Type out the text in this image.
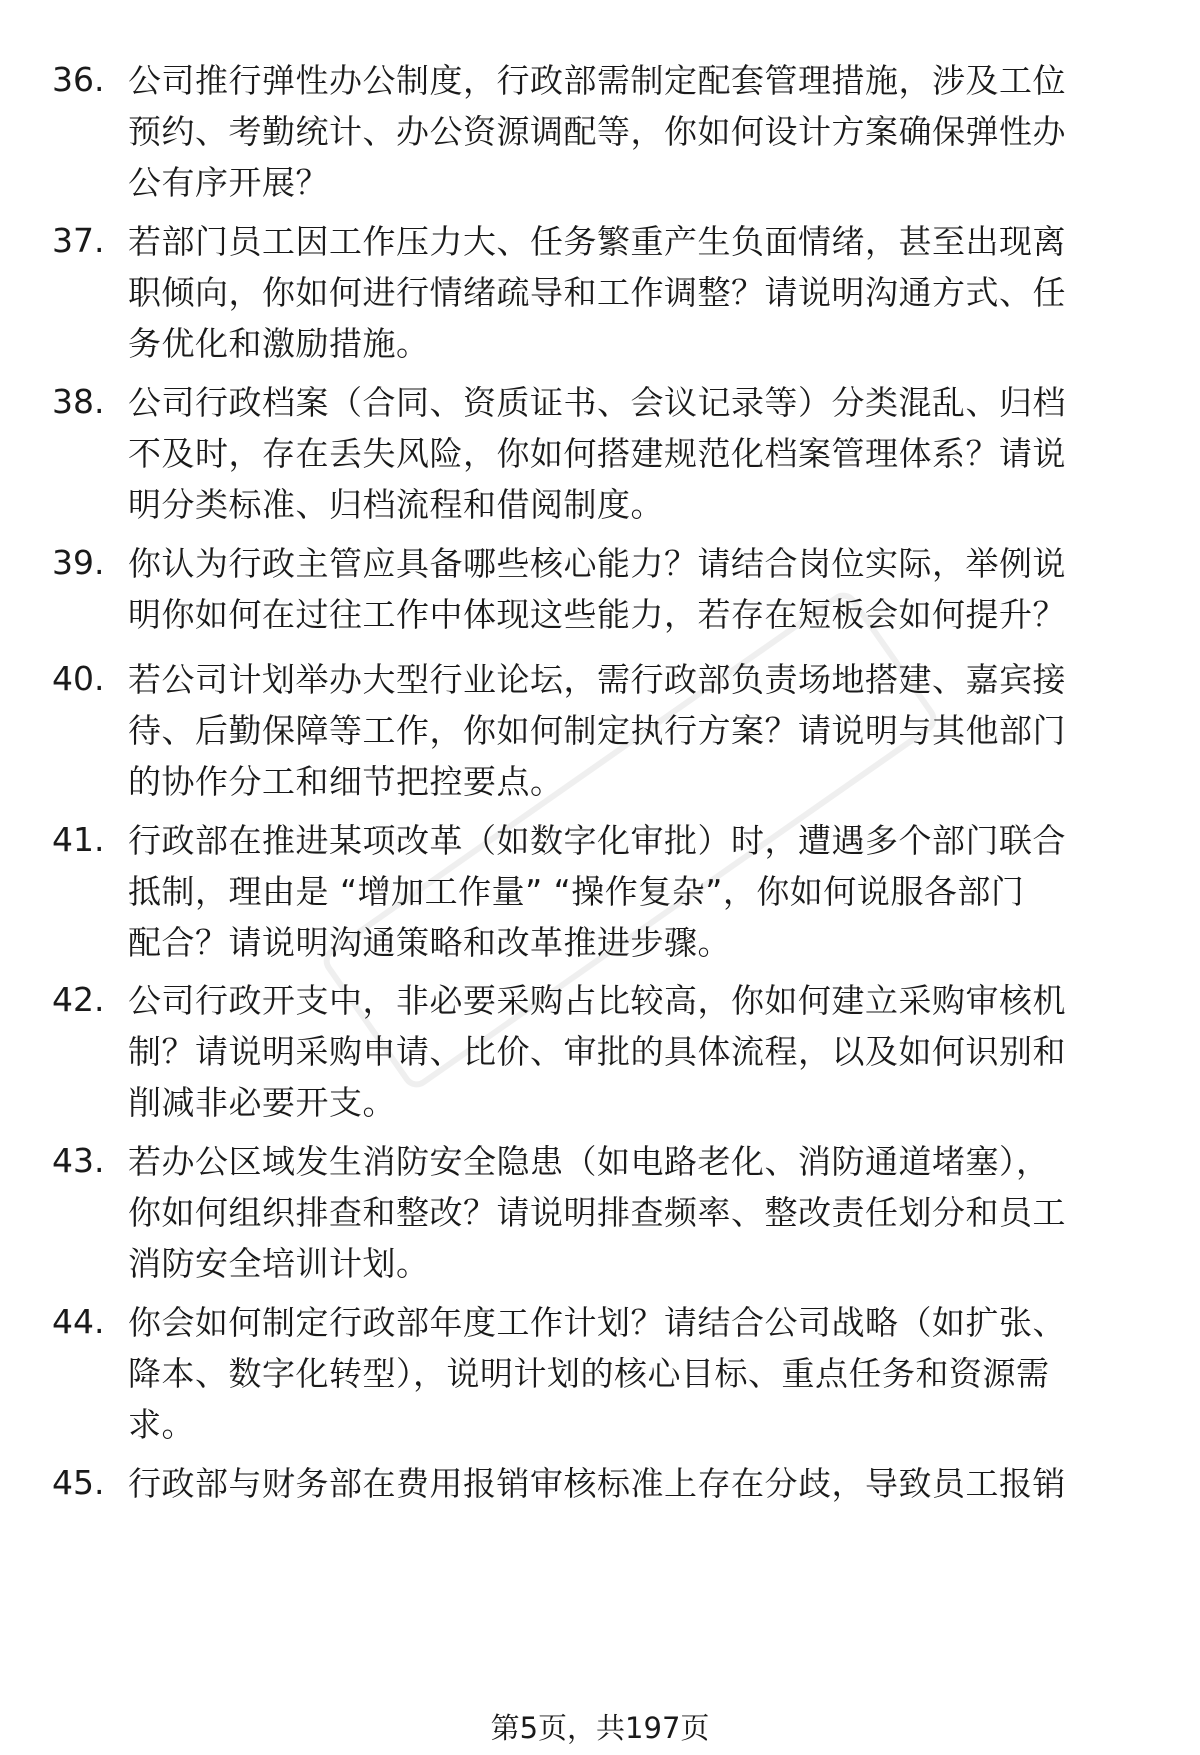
36. 公司推行弹性办公制度，行政部需制定配套管理措施，涉及工位
预约、考勤统计、办公资源调配等，你如何设计方案确保弹性办
公有序开展？
37. 若部门员工因工作压力大、任务繁重产生负面情绪，甚至出现离
职倾向，你如何进行情绪疏导和工作调整？请说明沟通方式、任
务优化和激励措施。
38. 公司行政档案（合同、资质证书、会议记录等）分类混乱、归档
不及时，存在丢失风险，你如何搭建规范化档案管理体系？请说
明分类标准、归档流程和借阅制度。
39. 你认为行政主管应具备哪些核心能力？请结合岗位实际，举例说
明你如何在过往工作中体现这些能力，若存在短板会如何提升？
40. 若公司计划举办大型行业论坛，需行政部负责场地搭建、嘉宾接
待、后勤保障等工作，你如何制定执行方案？请说明与其他部门
的协作分工和细节把控要点。
41. 行政部在推进某项改革（如数字化审批）时，遭遇多个部门联合
抵制，理由是 “增加工作量” “操作复杂”，你如何说服各部门
配合？请说明沟通策略和改革推进步骤。
42. 公司行政开支中，非必要采购占比较高，你如何建立采购审核机
制？请说明采购申请、比价、审批的具体流程，以及如何识别和
削减非必要开支。
43. 若办公区域发生消防安全隐患（如电路老化、消防通道堵塞），
你如何组织排查和整改？请说明排查频率、整改责任划分和员工
消防安全培训计划。
44. 你会如何制定行政部年度工作计划？请结合公司战略（如扩张、
降本、数字化转型），说明计划的核心目标、重点任务和资源需
求。
45. 行政部与财务部在费用报销审核标准上存在分歧，导致员工报销
第5页，共197页
